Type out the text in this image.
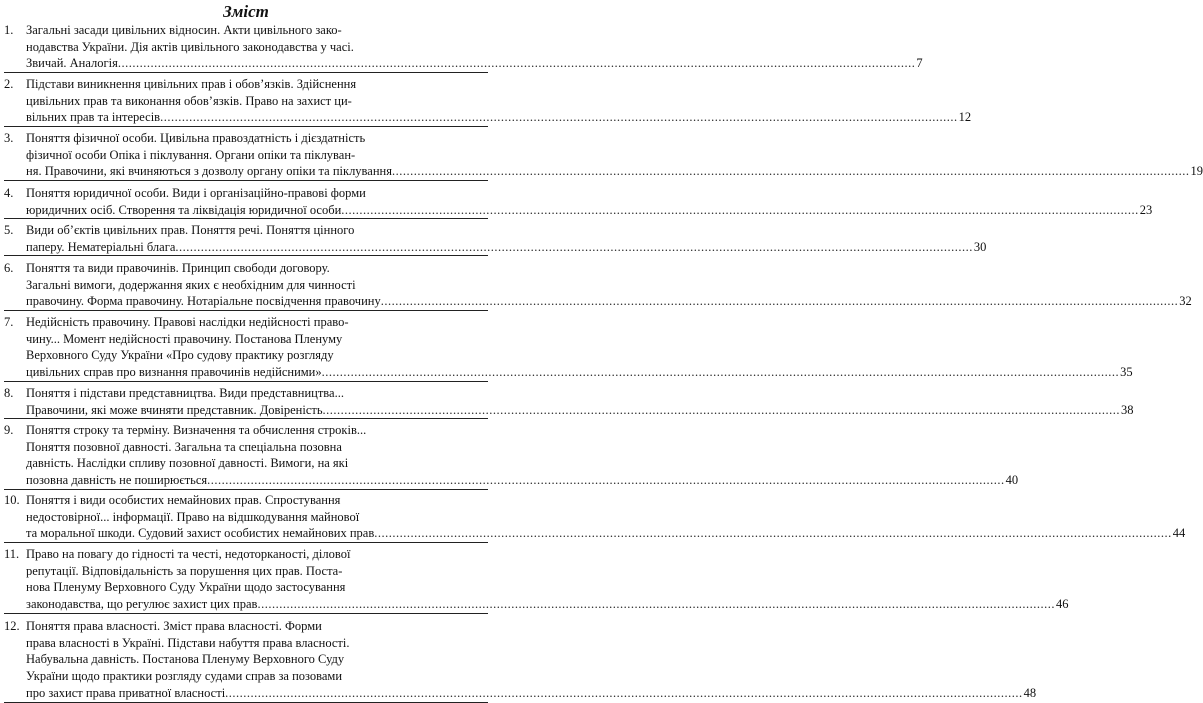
Зміст
1. Загальні засади цивільних відносин. Акти цивільного зако-
нодавства України. Дія актів цивільного законодавства у часі.
Звичай. Аналогія ............................................................................................................................................................................................................................ 7
2. Підстави виникнення цивільних прав і обов’язків. Здійснення
цивільних прав та виконання обов’язків. Право на захист ци-
вільних прав та інтересів ............................................................................................................................................................................................................................ 12
3. Поняття фізичної особи. Цивільна правоздатність і дієздатність
фізичної особи Опіка і піклування. Органи опіки та піклуван-
ня. Правочини, які вчиняються з дозволу органу опіки та піклування ............................................................................................................................................................................................................................ 19
4. Поняття юридичної особи. Види і організаційно-правові форми
юридичних осіб. Створення та ліквідація юридичної особи ............................................................................................................................................................................................................................ 23
5. Види об’єктів цивільних прав. Поняття речі. Поняття цінного
паперу. Нематеріальні блага ............................................................................................................................................................................................................................ 30
6. Поняття та види правочинів. Принцип свободи договору.
Загальні вимоги, додержання яких є необхідним для чинності
правочину. Форма правочину. Нотаріальне посвідчення правочину ............................................................................................................................................................................................................................ 32
7. Недійсність правочину. Правові наслідки недійсності право-
чину... Момент недійсності правочину. Постанова Пленуму
Верховного Суду України «Про судову практику розгляду
цивільних справ про визнання правочинів недійсними» ............................................................................................................................................................................................................................ 35
8. Поняття і підстави представництва. Види представництва...
Правочини, які може вчиняти представник. Довіреність ............................................................................................................................................................................................................................ 38
9. Поняття строку та терміну. Визначення та обчислення строків...
Поняття позовної давності. Загальна та спеціальна позовна
давність. Наслідки спливу позовної давності. Вимоги, на які
позовна давність не поширюється ............................................................................................................................................................................................................................ 40
10. Поняття і види особистих немайнових прав. Спростування
недостовірної... інформації. Право на відшкодування майнової
та моральної шкоди. Судовий захист особистих немайнових прав ............................................................................................................................................................................................................................ 44
11. Право на повагу до гідності та честі, недоторканості, ділової
репутації. Відповідальність за порушення цих прав. Поста-
нова Пленуму Верховного Суду України щодо застосування
законодавства, що регулює захист цих прав ............................................................................................................................................................................................................................ 46
12. Поняття права власності. Зміст права власності. Форми
права власності в Україні. Підстави набуття права власності.
Набувальна давність. Постанова Пленуму Верховного Суду
України щодо практики розгляду судами справ за позовами
про захист права приватної власності ............................................................................................................................................................................................................................ 48
